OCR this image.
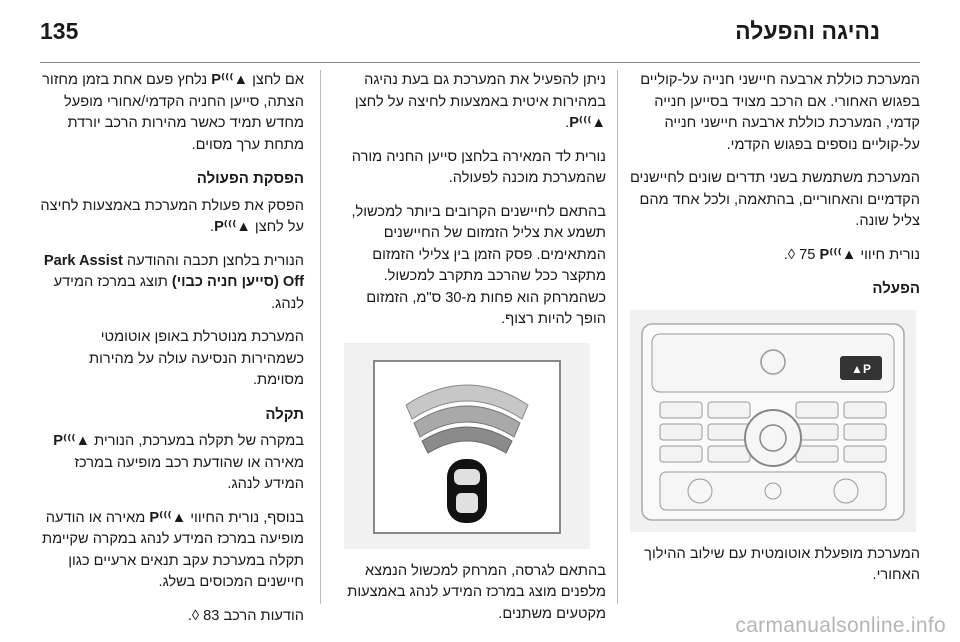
135	נהיגה והפעלה

המערכת כוללת ארבעה חיישני חנייה על-קוליים בפגוש האחורי. אם הרכב מצויד בסייען חנייה קדמי, המערכת כוללת ארבעה חיישני חנייה על-קוליים נוספים בפגוש הקדמי.

המערכת משתמשת בשני תדרים שונים לחיישנים הקדמיים והאחוריים, בהתאמה, ולכל אחד מהם צליל שונה.

נורית חיווי P⁽⁽⁽▲ 75 ◊.

הפעלה
P▲

המערכת מופעלת אוטומטית עם שילוב ההילוך האחורי.

ניתן להפעיל את המערכת גם בעת נהיגה במהירות איטית באמצעות לחיצה על לחצן P⁽⁽⁽▲.

נורית לד המאירה בלחצן סייען החניה מורה שהמערכת מוכנה לפעולה.

בהתאם לחיישנים הקרובים ביותר למכשול, תשמע את צליל הזמזום של החיישנים המתאימים. פסק הזמן בין צלילי הזמזום מתקצר ככל שהרכב מתקרב למכשול. כשהמרחק הוא פחות מ-30 ס"מ, הזמזום הופך להיות רצוף.

בהתאם לגרסה, המרחק למכשול הנמצא מלפנים מוצג במרכז המידע לנהג באמצעות מקטעים משתנים.

אם לחצן P⁽⁽⁽▲ נלחץ פעם אחת בזמן מחזור הצתה, סייען החניה הקדמי/אחורי מופעל מחדש תמיד כאשר מהירות הרכב יורדת מתחת ערך מסוים.

הפסקת הפעולה

הפסק את פעולת המערכת באמצעות לחיצה על לחצן P⁽⁽⁽▲.

הנורית בלחצן תכבה וההודעה Park Assist Off (סייען חניה כבוי) תוצג במרכז המידע לנהג.

המערכת מנוטרלת באופן אוטומטי כשמהירות הנסיעה עולה על מהירות מסוימת.

תקלה

במקרה של תקלה במערכת, הנורית P⁽⁽⁽▲ מאירה או שהודעת רכב מופיעה במרכז המידע לנהג.

בנוסף, נורית החיווי P⁽⁽⁽▲ מאירה או הודעה מופיעה במרכז המידע לנהג במקרה שקיימת תקלה במערכת עקב תנאים ארעיים כגון חיישנים המכוסים בשלג.

הודעות הרכב 83 ◊.	carmanualsonline.info
